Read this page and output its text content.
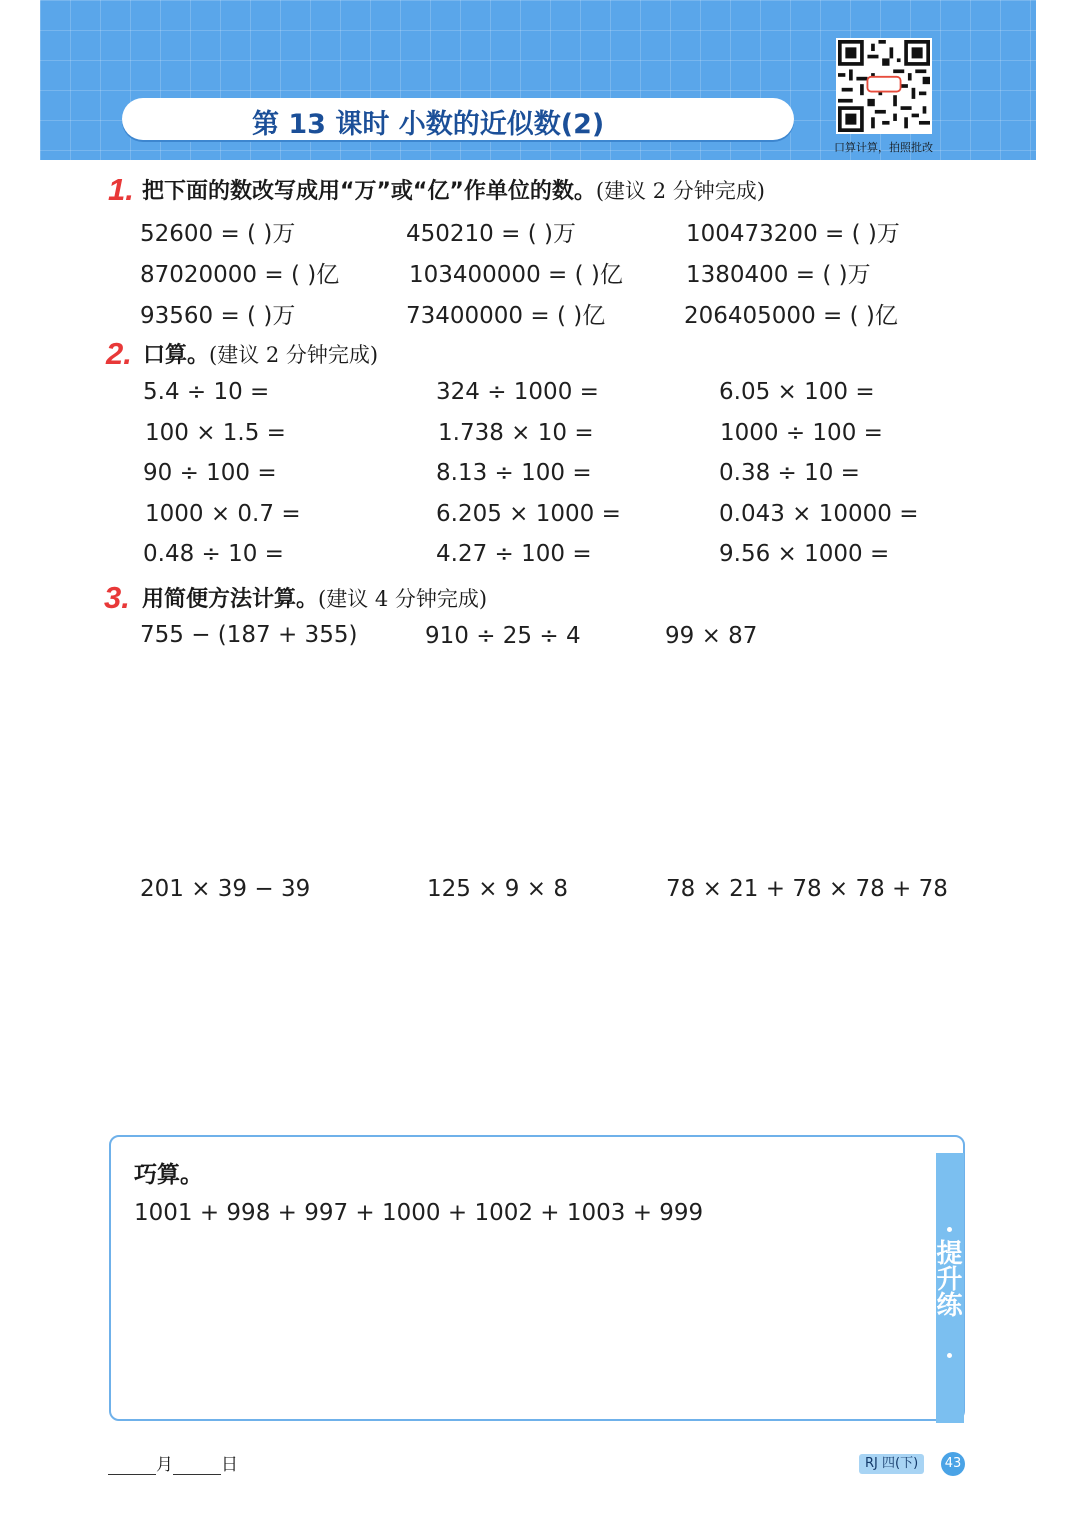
第 13 课时 小数的近似数(2)
口算计算，拍照批改
1. 把下面的数改写成用“万”或“亿”作单位的数。(建议 2 分钟完成)
52600 = ( )万	450210 = ( )万	100473200 = ( )万
87020000 = ( )亿	103400000 = ( )亿	1380400 = ( )万
93560 = ( )万	73400000 = ( )亿	206405000 = ( )亿
2. 口算。(建议 2 分钟完成)
5.4 ÷ 10 =	324 ÷ 1000 =	6.05 × 100 =
100 × 1.5 =	1.738 × 10 =	1000 ÷ 100 =
90 ÷ 100 =	8.13 ÷ 100 =	0.38 ÷ 10 =
1000 × 0.7 =	6.205 × 1000 =	0.043 × 10000 =
0.48 ÷ 10 =	4.27 ÷ 100 =	9.56 × 1000 =
3. 用简便方法计算。(建议 4 分钟完成)
755 − (187 + 355)	910 ÷ 25 ÷ 4	99 × 87
201 × 39 − 39	125 × 9 × 8	78 × 21 + 78 × 78 + 78
提升练
巧算。
1001 + 998 + 997 + 1000 + 1002 + 1003 + 999
月	日	RJ 四(下)	43
